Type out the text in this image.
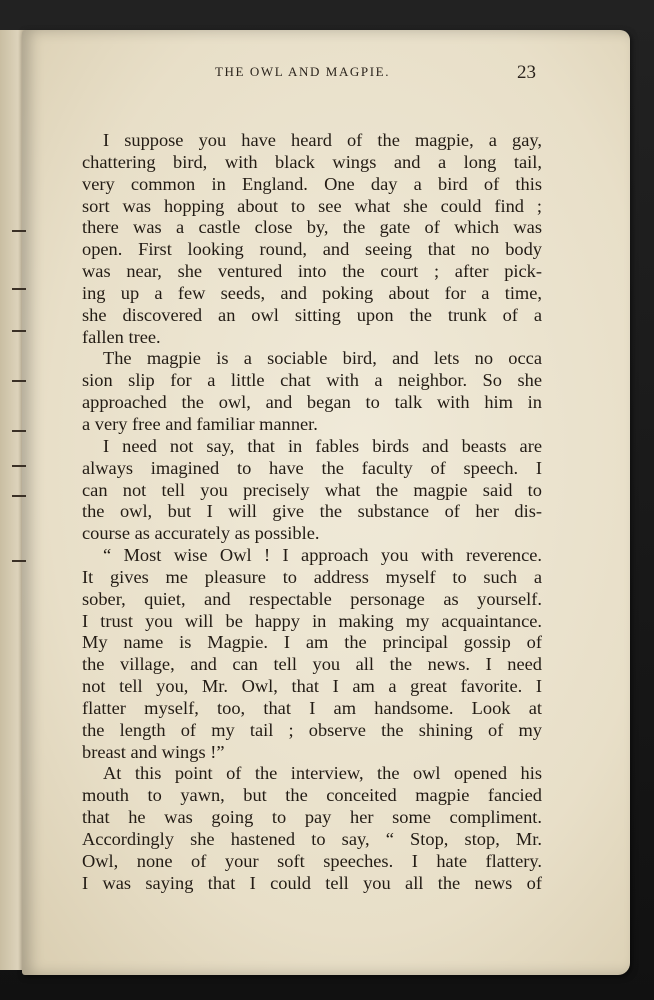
THE OWL AND MAGPIE.	23
I suppose you have heard of the magpie, a gay,
chattering bird, with black wings and a long tail,
very common in England. One day a bird of this
sort was hopping about to see what she could find ;
there was a castle close by, the gate of which was
open. First looking round, and seeing that no body
was near, she ventured into the court ; after pick-
ing up a few seeds, and poking about for a time,
she discovered an owl sitting upon the trunk of a
fallen tree.
The magpie is a sociable bird, and lets no occa
sion slip for a little chat with a neighbor. So she
approached the owl, and began to talk with him in
a very free and familiar manner.
I need not say, that in fables birds and beasts are
always imagined to have the faculty of speech. I
can not tell you precisely what the magpie said to
the owl, but I will give the substance of her dis-
course as accurately as possible.
“ Most wise Owl ! I approach you with reverence.
It gives me pleasure to address myself to such a
sober, quiet, and respectable personage as yourself.
I trust you will be happy in making my acquaintance.
My name is Magpie. I am the principal gossip of
the village, and can tell you all the news. I need
not tell you, Mr. Owl, that I am a great favorite. I
flatter myself, too, that I am handsome. Look at
the length of my tail ; observe the shining of my
breast and wings !”
At this point of the interview, the owl opened his
mouth to yawn, but the conceited magpie fancied
that he was going to pay her some compliment.
Accordingly she hastened to say, “ Stop, stop, Mr.
Owl, none of your soft speeches. I hate flattery.
I was saying that I could tell you all the news of
